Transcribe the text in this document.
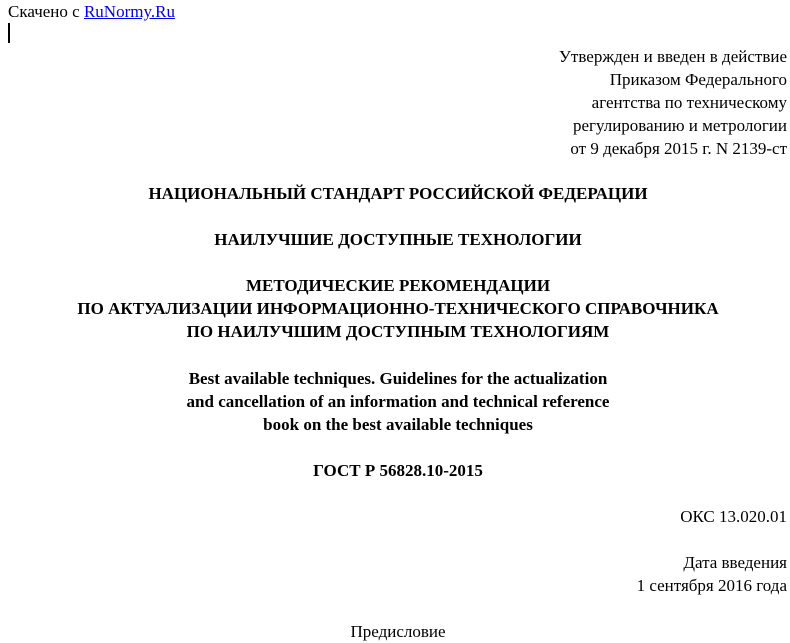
Скачено с RuNormy.Ru
Утвержден и введен в действие
Приказом Федерального
агентства по техническому
регулированию и метрологии
от 9 декабря 2015 г. N 2139-ст
НАЦИОНАЛЬНЫЙ СТАНДАРТ РОССИЙСКОЙ ФЕДЕРАЦИИ
НАИЛУЧШИЕ ДОСТУПНЫЕ ТЕХНОЛОГИИ
МЕТОДИЧЕСКИЕ РЕКОМЕНДАЦИИ
ПО АКТУАЛИЗАЦИИ ИНФОРМАЦИОННО-ТЕХНИЧЕСКОГО СПРАВОЧНИКА
ПО НАИЛУЧШИМ ДОСТУПНЫМ ТЕХНОЛОГИЯМ
Best available techniques. Guidelines for the actualization
and cancellation of an information and technical reference
book on the best available techniques
ГОСТ Р 56828.10-2015
ОКС 13.020.01
Дата введения
1 сентября 2016 года
Предисловие
